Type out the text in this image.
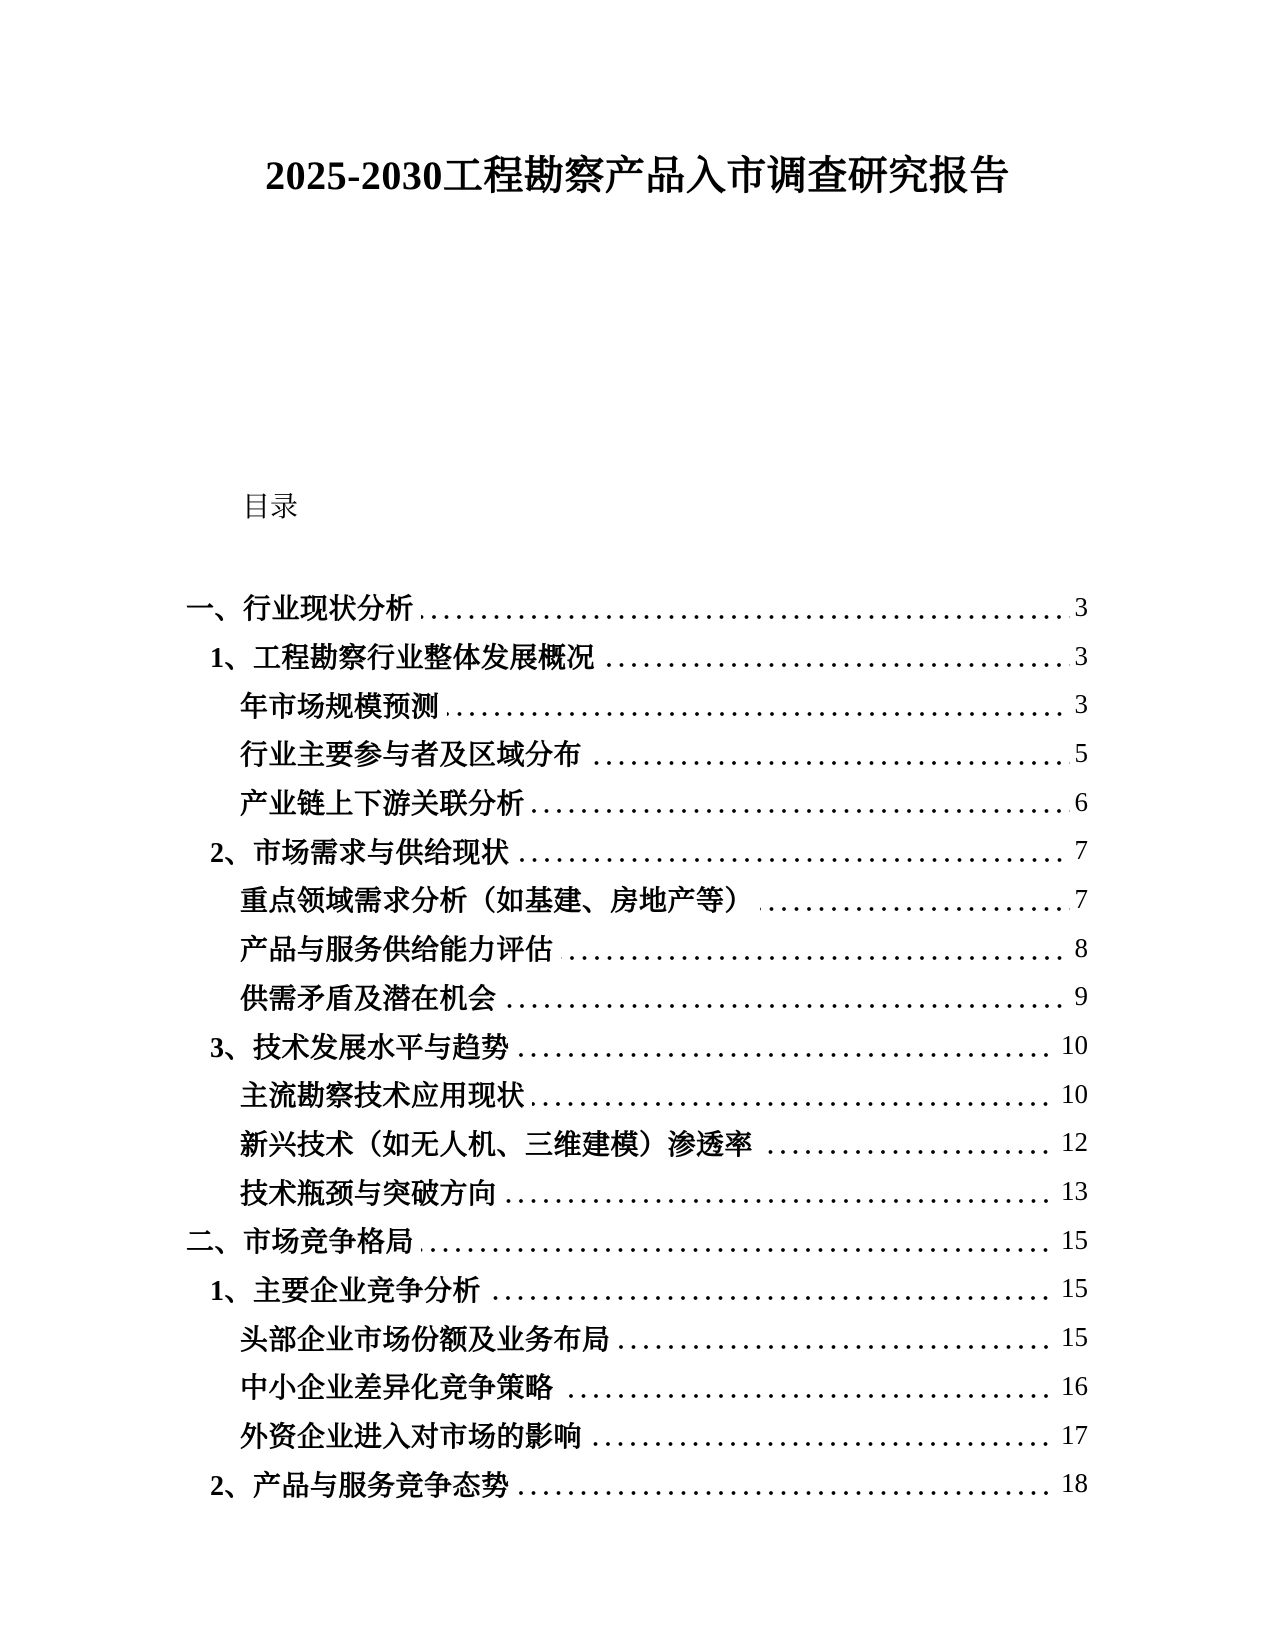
2025-2030工程勘察产品入市调查研究报告
目录
一、行业现状分析	3
1、工程勘察行业整体发展概况	3
年市场规模预测	3
行业主要参与者及区域分布	5
产业链上下游关联分析	6
2、市场需求与供给现状	7
重点领域需求分析（如基建、房地产等）	7
产品与服务供给能力评估	8
供需矛盾及潜在机会	9
3、技术发展水平与趋势	10
主流勘察技术应用现状	10
新兴技术（如无人机、三维建模）渗透率	12
技术瓶颈与突破方向	13
二、市场竞争格局	15
1、主要企业竞争分析	15
头部企业市场份额及业务布局	15
中小企业差异化竞争策略	16
外资企业进入对市场的影响	17
2、产品与服务竞争态势	18
